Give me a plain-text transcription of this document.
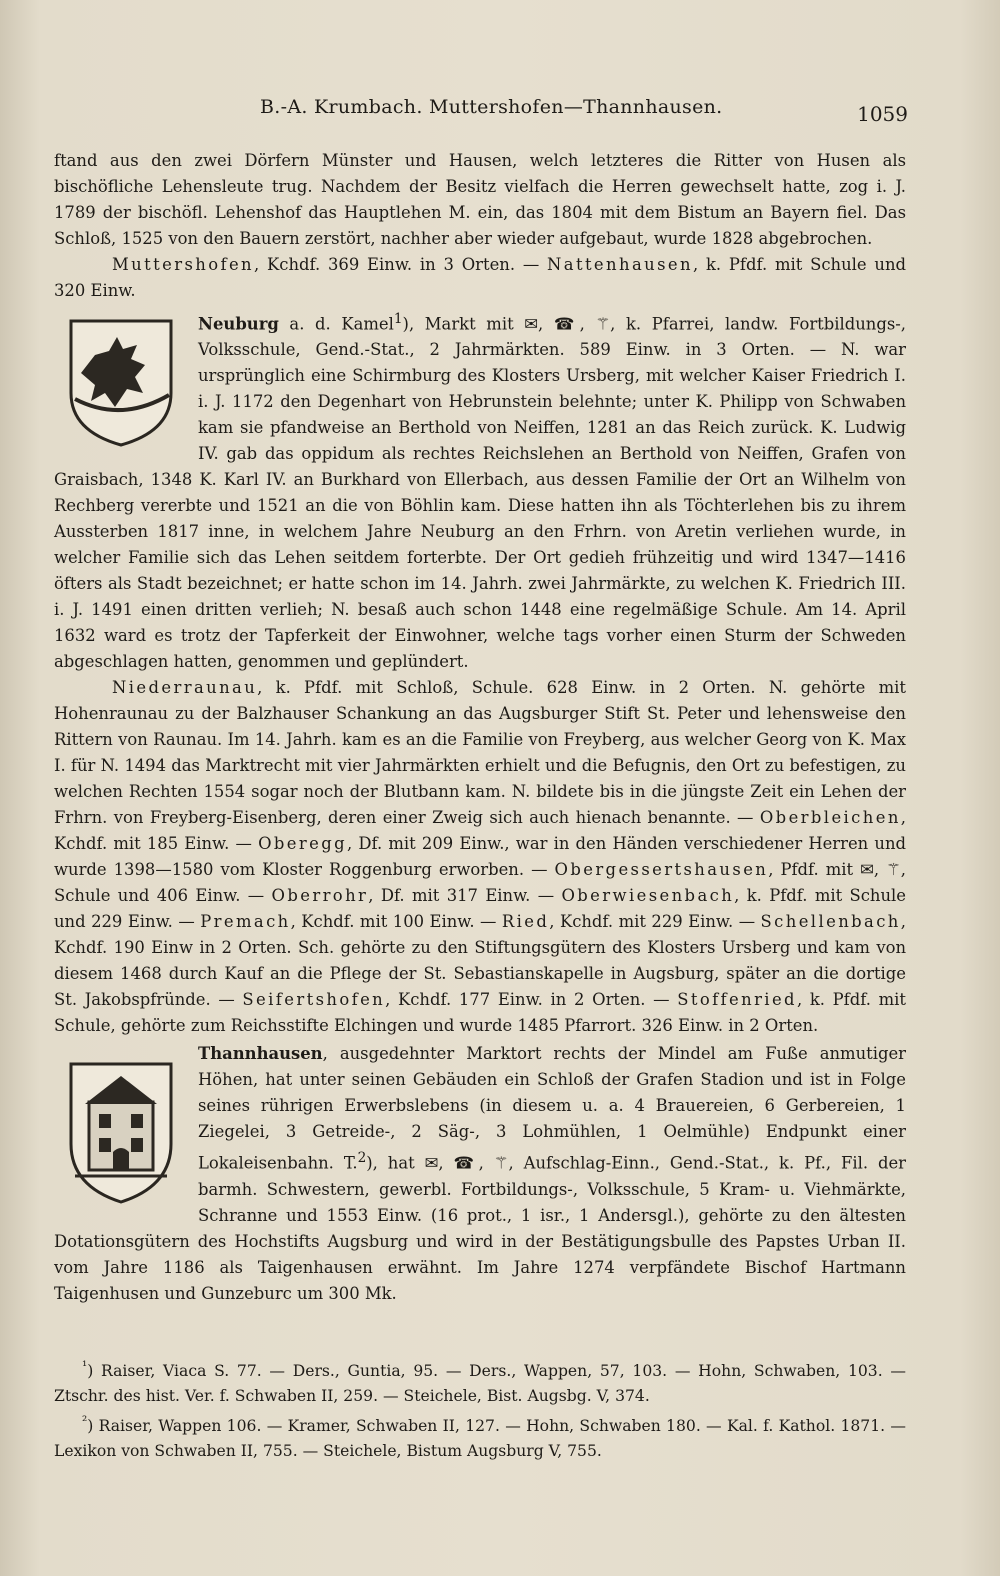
B.-A. Krumbach. Muttershofen—Thannhausen.	1059

ftand aus den zwei Dörfern Münster und Hausen, welch letzteres die Ritter von Husen als bischöfliche Lehensleute trug. Nachdem der Besitz vielfach die Herren gewechselt hatte, zog i. J. 1789 der bischöfl. Lehenshof das Hauptlehen M. ein, das 1804 mit dem Bistum an Bayern fiel. Das Schloß, 1525 von den Bauern zerstört, nachher aber wieder aufgebaut, wurde 1828 abgebrochen.

Muttershofen, Kchdf. 369 Einw. in 3 Orten. — Nattenhausen, k. Pfdf. mit Schule und 320 Einw.

Neuburg a. d. Kamel$^1$), Markt mit ✉, ☎, ⚚, k. Pfarrei, landw. Fortbildungs-, Volksschule, Gend.-Stat., 2 Jahrmärkten. 589 Einw. in 3 Orten. — N. war ursprünglich eine Schirmburg des Klosters Ursberg, mit welcher Kaiser Friedrich I. i. J. 1172 den Degenhart von Hebrunstein belehnte; unter K. Philipp von Schwaben kam sie pfandweise an Berthold von Neiffen, 1281 an das Reich zurück. K. Ludwig IV. gab das oppidum als rechtes Reichslehen an Berthold von Neiffen, Grafen von Graisbach, 1348 K. Karl IV. an Burkhard von Ellerbach, aus dessen Familie der Ort an Wilhelm von Rechberg vererbte und 1521 an die von Böhlin kam. Diese hatten ihn als Töchterlehen bis zu ihrem Aussterben 1817 inne, in welchem Jahre Neuburg an den Frhrn. von Aretin verliehen wurde, in welcher Familie sich das Lehen seitdem forterbte. Der Ort gedieh frühzeitig und wird 1347—1416 öfters als Stadt bezeichnet; er hatte schon im 14. Jahrh. zwei Jahrmärkte, zu welchen K. Friedrich III. i. J. 1491 einen dritten verlieh; N. besaß auch schon 1448 eine regelmäßige Schule. Am 14. April 1632 ward es trotz der Tapferkeit der Einwohner, welche tags vorher einen Sturm der Schweden abgeschlagen hatten, genommen und geplündert.

Niederraunau, k. Pfdf. mit Schloß, Schule. 628 Einw. in 2 Orten. N. gehörte mit Hohenraunau zu der Balzhauser Schankung an das Augsburger Stift St. Peter und lehensweise den Rittern von Raunau. Im 14. Jahrh. kam es an die Familie von Freyberg, aus welcher Georg von K. Max I. für N. 1494 das Marktrecht mit vier Jahrmärkten erhielt und die Befugnis, den Ort zu befestigen, zu welchen Rechten 1554 sogar noch der Blutbann kam. N. bildete bis in die jüngste Zeit ein Lehen der Frhrn. von Freyberg-Eisenberg, deren einer Zweig sich auch hienach benannte. — Oberbleichen, Kchdf. mit 185 Einw. — Oberegg, Df. mit 209 Einw., war in den Händen verschiedener Herren und wurde 1398—1580 vom Kloster Roggenburg erworben. — Obergessertshausen, Pfdf. mit ✉, ⚚, Schule und 406 Einw. — Oberrohr, Df. mit 317 Einw. — Oberwiesenbach, k. Pfdf. mit Schule und 229 Einw. — Premach, Kchdf. mit 100 Einw. — Ried, Kchdf. mit 229 Einw. — Schellenbach, Kchdf. 190 Einw in 2 Orten. Sch. gehörte zu den Stiftungsgütern des Klosters Ursberg und kam von diesem 1468 durch Kauf an die Pflege der St. Sebastianskapelle in Augsburg, später an die dortige St. Jakobspfründe. — Seifertshofen, Kchdf. 177 Einw. in 2 Orten. — Stoffenried, k. Pfdf. mit Schule, gehörte zum Reichsstifte Elchingen und wurde 1485 Pfarrort. 326 Einw. in 2 Orten.

Thannhausen, ausgedehnter Marktort rechts der Mindel am Fuße anmutiger Höhen, hat unter seinen Gebäuden ein Schloß der Grafen Stadion und ist in Folge seines rührigen Erwerbslebens (in diesem u. a. 4 Brauereien, 6 Gerbereien, 1 Ziegelei, 3 Getreide-, 2 Säg-, 3 Lohmühlen, 1 Oelmühle) Endpunkt einer Lokaleisenbahn. T.$^2$), hat ✉, ☎, ⚚, Aufschlag-Einn., Gend.-Stat., k. Pf., Fil. der barmh. Schwestern, gewerbl. Fortbildungs-, Volksschule, 5 Kram- u. Viehmärkte, Schranne und 1553 Einw. (16 prot., 1 isr., 1 Andersgl.), gehörte zu den ältesten Dotationsgütern des Hochstifts Augsburg und wird in der Bestätigungsbulle des Papstes Urban II. vom Jahre 1186 als Taigenhausen erwähnt. Im Jahre 1274 verpfändete Bischof Hartmann Taigenhusen und Gunzeburc um 300 Mk.

$^{^1}$) Raiser, Viaca S. 77. — Ders., Guntia, 95. — Ders., Wappen, 57, 103. — Hohn, Schwaben, 103. — Ztschr. des hist. Ver. f. Schwaben II, 259. — Steichele, Bist. Augsbg. V, 374.

$^{^2}$) Raiser, Wappen 106. — Kramer, Schwaben II, 127. — Hohn, Schwaben 180. — Kal. f. Kathol. 1871. — Lexikon von Schwaben II, 755. — Steichele, Bistum Augsburg V, 755.
